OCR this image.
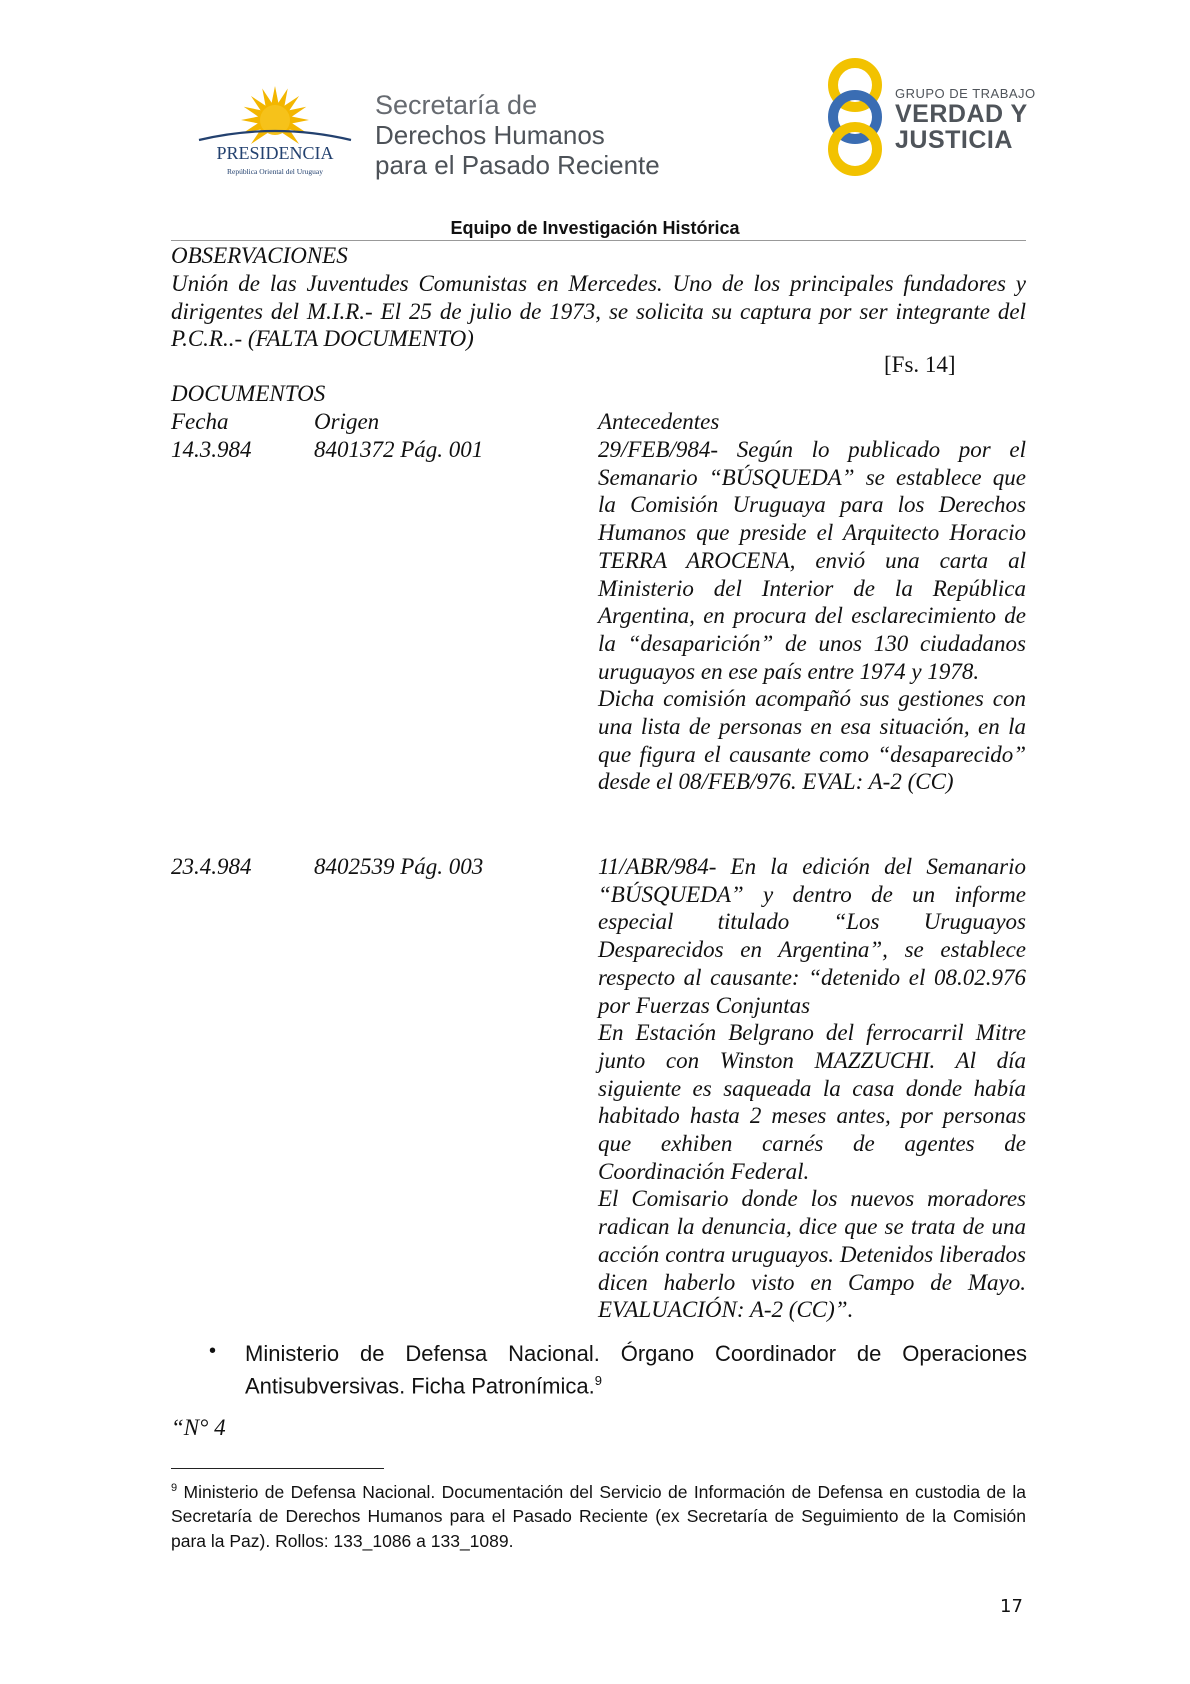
PRESIDENCIA
República Oriental del Uruguay
Secretaría de
Derechos Humanos
para el Pasado Reciente
GRUPO DE TRABAJO
VERDAD Y
JUSTICIA
Equipo de Investigación Histórica
OBSERVACIONES
Unión de las Juventudes Comunistas en Mercedes. Uno de los principales fundadores y dirigentes del M.I.R.- El 25 de julio de 1973, se solicita su captura por ser integrante del P.C.R..- (FALTA DOCUMENTO)
[Fs. 14]
DOCUMENTOS
Fecha	Origen	Antecedentes
14.3.984	8401372 Pág. 001	29/FEB/984- Según lo publicado por el Semanario “BÚSQUEDA” se establece que la Comisión Uruguaya para los Derechos Humanos que preside el Arquitecto Horacio TERRA AROCENA, envió una carta al Ministerio del Interior de la República Argentina, en procura del esclarecimiento de la “desaparición” de unos 130 ciudadanos uruguayos en ese país entre 1974 y 1978.
Dicha comisión acompañó sus gestiones con una lista de personas en esa situación, en la que figura el causante como “desaparecido” desde el 08/FEB/976. EVAL: A-2 (CC)
23.4.984	8402539 Pág. 003	11/ABR/984- En la edición del Semanario “BÚSQUEDA” y dentro de un informe especial titulado “Los Uruguayos Desparecidos en Argentina”, se establece respecto al causante: “detenido el 08.02.976 por Fuerzas Conjuntas
En Estación Belgrano del ferrocarril Mitre junto con Winston MAZZUCHI. Al día siguiente es saqueada la casa donde había habitado hasta 2 meses antes, por personas que exhiben carnés de agentes de Coordinación Federal.
El Comisario donde los nuevos moradores radican la denuncia, dice que se trata de una acción contra uruguayos. Detenidos liberados dicen haberlo visto en Campo de Mayo. EVALUACIÓN: A-2 (CC)”.
•	Ministerio de Defensa Nacional. Órgano Coordinador de Operaciones Antisubversivas. Ficha Patronímica.$^9$
“N° 4
$^9$ Ministerio de Defensa Nacional. Documentación del Servicio de Información de Defensa en custodia de la Secretaría de Derechos Humanos para el Pasado Reciente (ex Secretaría de Seguimiento de la Comisión para la Paz). Rollos: 133_1086 a 133_1089.
17
